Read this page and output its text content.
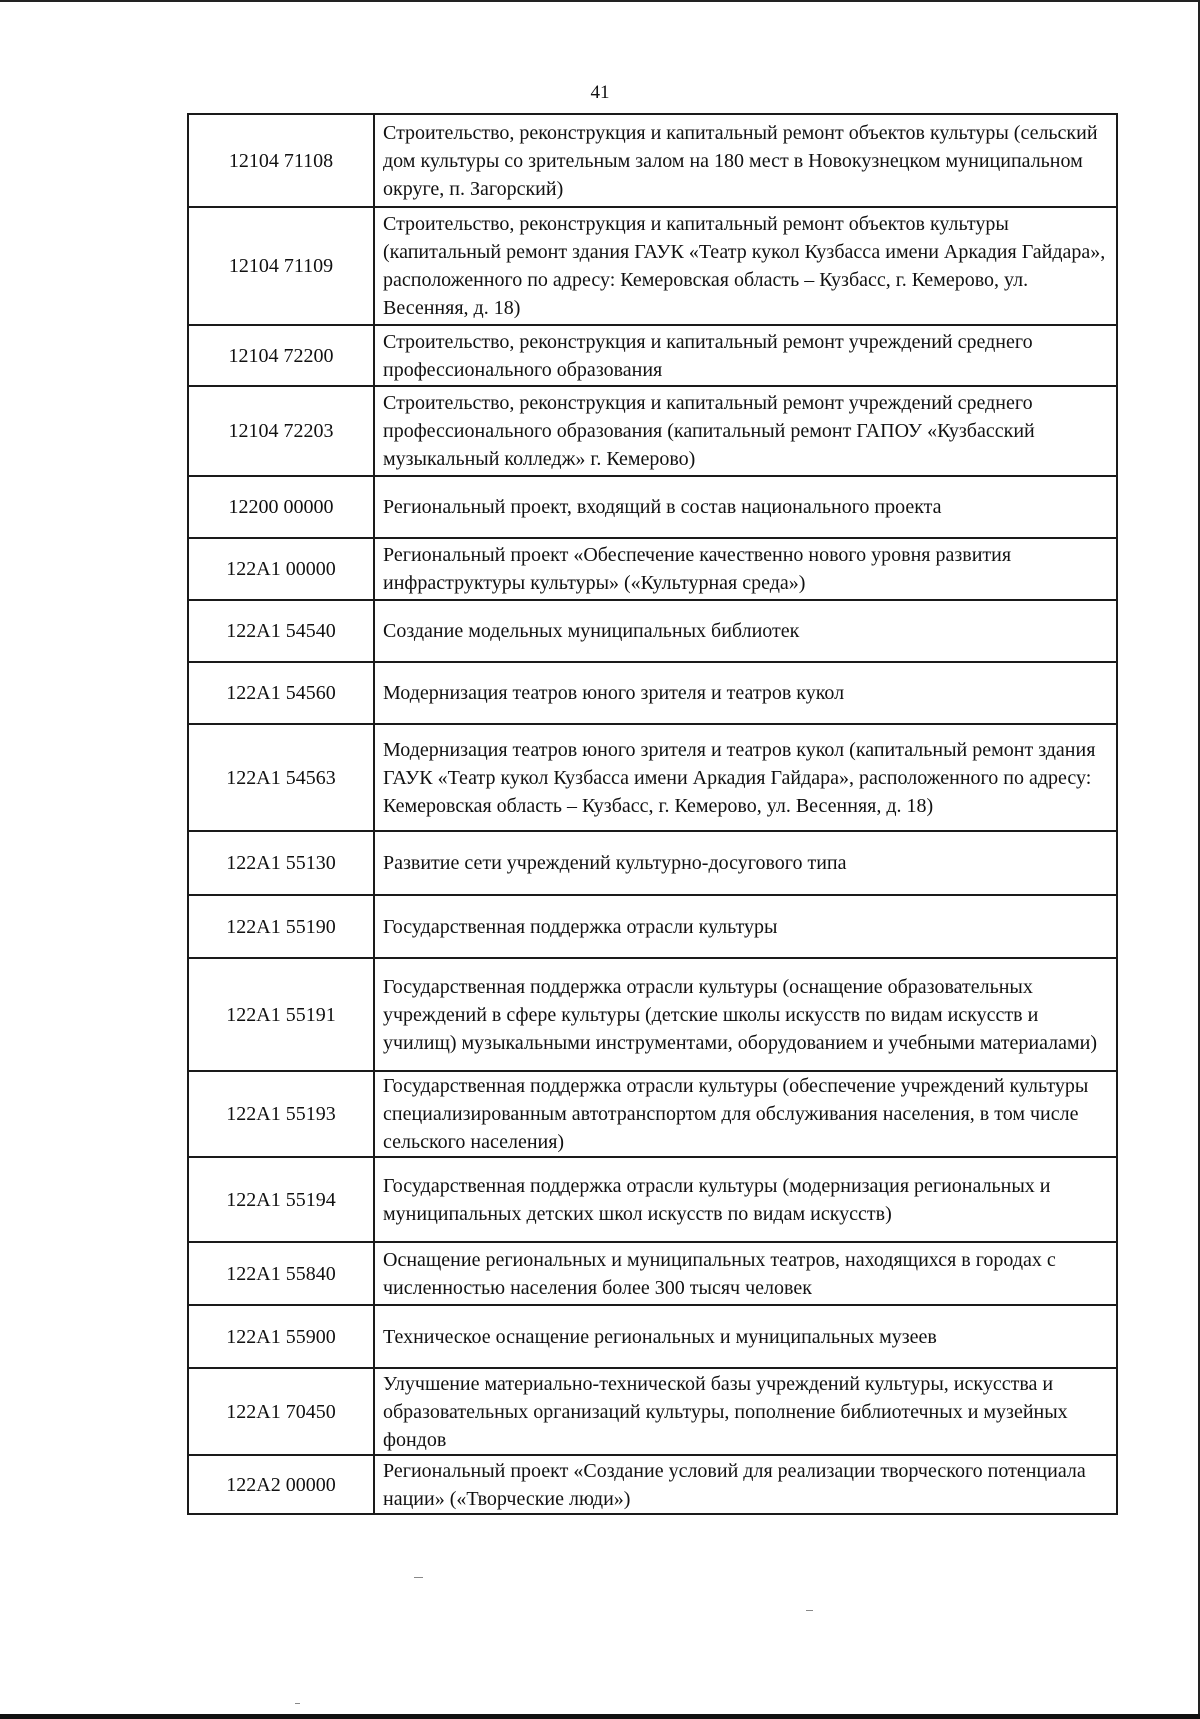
41
12104 71108	Строительство, реконструкция и капитальный ремонт объектов культуры (сельский дом культуры со зрительным залом на 180 мест в Новокузнецком муниципальном округе, п. Загорский)
12104 71109	Строительство, реконструкция и капитальный ремонт объектов культуры (капитальный ремонт здания ГАУК «Театр кукол Кузбасса имени Аркадия Гайдара», расположенного по адресу: Кемеровская область – Кузбасс, г. Кемерово, ул. Весенняя, д. 18)
12104 72200	Строительство, реконструкция и капитальный ремонт учреждений среднего профессионального образования
12104 72203	Строительство, реконструкция и капитальный ремонт учреждений среднего профессионального образования (капитальный ремонт ГАПОУ «Кузбасский музыкальный колледж» г. Кемерово)
12200 00000	Региональный проект, входящий в состав национального проекта
122A1 00000	Региональный проект «Обеспечение качественно нового уровня развития инфраструктуры культуры» («Культурная среда»)
122A1 54540	Создание модельных муниципальных библиотек
122A1 54560	Модернизация театров юного зрителя и театров кукол
122A1 54563	Модернизация театров юного зрителя и театров кукол (капитальный ремонт здания ГАУК «Театр кукол Кузбасса имени Аркадия Гайдара», расположенного по адресу: Кемеровская область – Кузбасс, г. Кемерово, ул. Весенняя, д. 18)
122A1 55130	Развитие сети учреждений культурно-досугового типа
122A1 55190	Государственная поддержка отрасли культуры
122A1 55191	Государственная поддержка отрасли культуры (оснащение образовательных учреждений в сфере культуры (детские школы искусств по видам искусств и училищ) музыкальными инструментами, оборудованием и учебными материалами)
122A1 55193	Государственная поддержка отрасли культуры (обеспечение учреждений культуры специализированным автотранспортом для обслуживания населения, в том числе сельского населения)
122A1 55194	Государственная поддержка отрасли культуры (модернизация региональных и муниципальных детских школ искусств по видам искусств)
122A1 55840	Оснащение региональных и муниципальных театров, находящихся в городах с численностью населения более 300 тысяч человек
122A1 55900	Техническое оснащение региональных и муниципальных музеев
122A1 70450	Улучшение материально-технической базы учреждений культуры, искусства и образовательных организаций культуры, пополнение библиотечных и музейных фондов
122A2 00000	Региональный проект «Создание условий для реализации творческого потенциала нации» («Творческие люди»)
